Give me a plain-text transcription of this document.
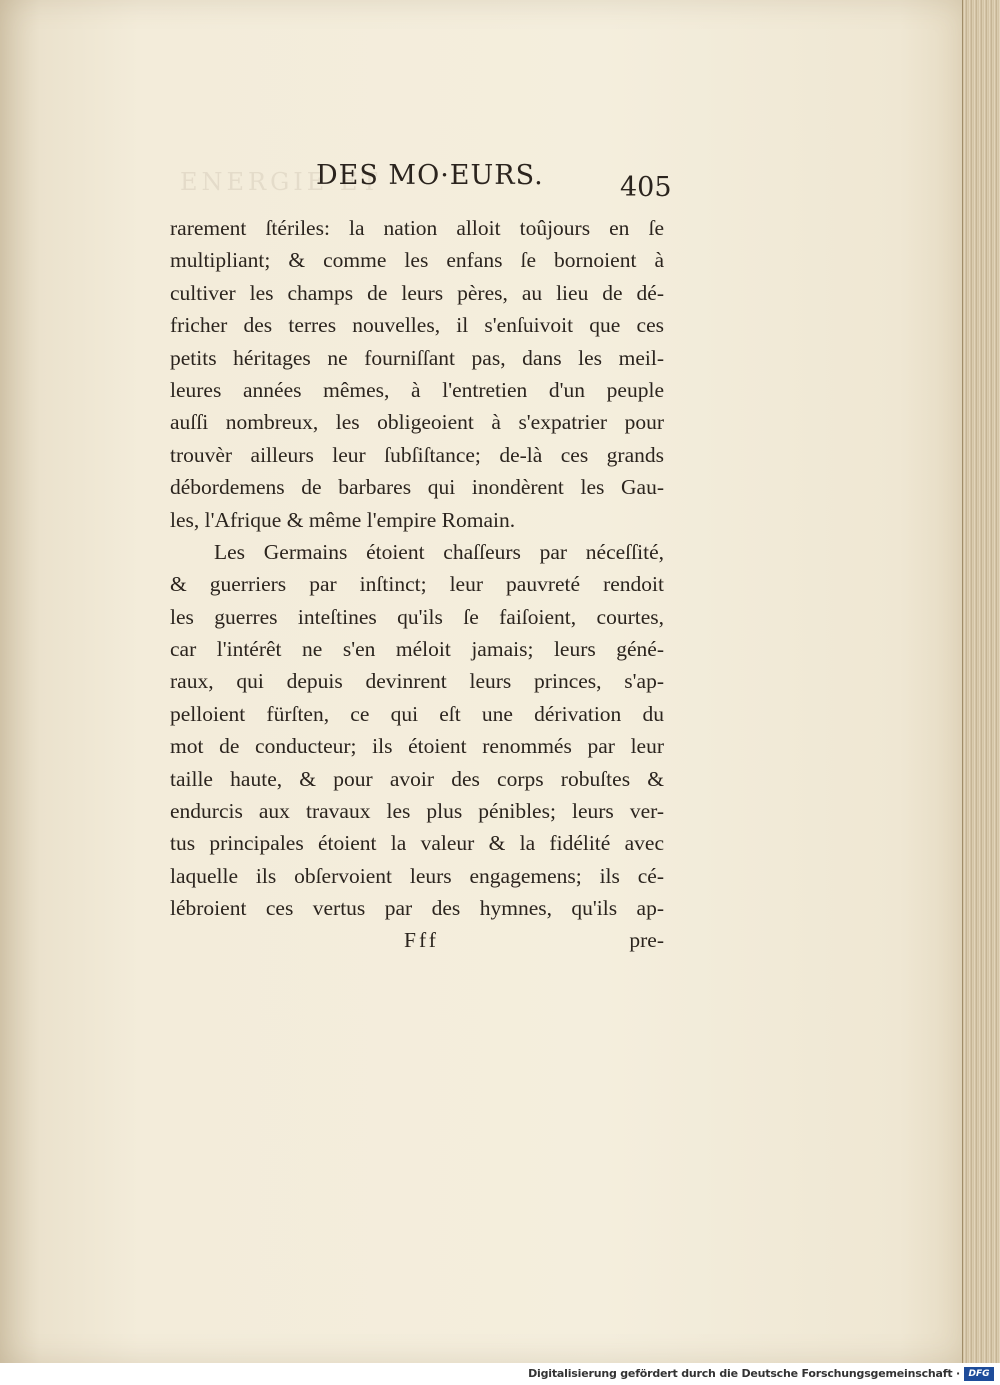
ENERGIE ET
DES MO·EURS.	405
rarement ſtériles: la nation alloit toûjours en ſe
multipliant; & comme les enfans ſe bornoient à
cultiver les champs de leurs pères, au lieu de dé-
fricher des terres nouvelles, il s'enſuivoit que ces
petits héritages ne fourniſſant pas, dans les meil-
leures années mêmes, à l'entretien d'un peuple
auſſi nombreux, les obligeoient à s'expatrier pour
trouvèr ailleurs leur ſubſiſtance; de-là ces grands
débordemens de barbares qui inondèrent les Gau-
les, l'Afrique & même l'empire Romain.
Les Germains étoient chaſſeurs par néceſſité,
& guerriers par inſtinct; leur pauvreté rendoit
les guerres inteſtines qu'ils ſe faiſoient, courtes,
car l'intérêt ne s'en méloit jamais; leurs géné-
raux, qui depuis devinrent leurs princes, s'ap-
pelloient fürſten, ce qui eſt une dérivation du
mot de conducteur; ils étoient renommés par leur
taille haute, & pour avoir des corps robuſtes &
endurcis aux travaux les plus pénibles; leurs ver-
tus principales étoient la valeur & la fidélité avec
laquelle ils obſervoient leurs engagemens; ils cé-
lébroient ces vertus par des hymnes, qu'ils ap-
Fff	pre-
Digitalisierung gefördert durch die Deutsche Forschungsgemeinschaft · DFG
